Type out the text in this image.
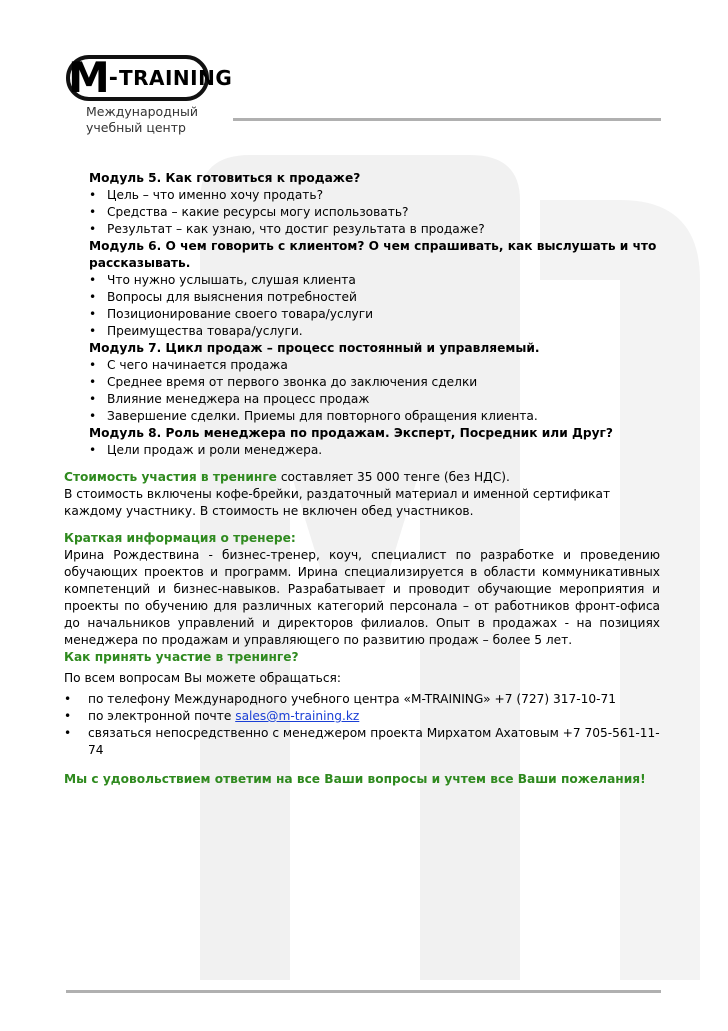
M - TRAINING
Международный
учебный центр
Модуль 5. Как готовиться к продаже?
• Цель – что именно хочу продать?
• Средства – какие ресурсы могу использовать?
• Результат – как узнаю, что достиг результата в продаже?
Модуль 6. О чем говорить с клиентом? О чем спрашивать, как выслушать и что рассказывать.
• Что нужно услышать, слушая клиента
• Вопросы для выяснения потребностей
• Позиционирование своего товара/услуги
• Преимущества товара/услуги.
Модуль 7. Цикл продаж – процесс постоянный и управляемый.
• С чего начинается продажа
• Среднее время от первого звонка до заключения сделки
• Влияние менеджера на процесс продаж
• Завершение сделки. Приемы для повторного обращения клиента.
Модуль 8. Роль менеджера по продажам. Эксперт, Посредник или Друг?
• Цели продаж и роли менеджера.
Стоимость участия в тренинге составляет 35 000 тенге (без НДС).
В стоимость включены кофе-брейки, раздаточный материал и именной сертификат каждому участнику. В стоимость не включен обед участников.
Краткая информация о тренере:
Ирина Рождествина - бизнес-тренер, коуч, специалист по разработке и проведению обучающих проектов и программ. Ирина специализируется в области коммуникативных компетенций и бизнес-навыков. Разрабатывает и проводит обучающие мероприятия и проекты по обучению для различных категорий персонала – от работников фронт-офиса до начальников управлений и директоров филиалов. Опыт в продажах - на позициях менеджера по продажам и управляющего по развитию продаж – более 5 лет.
Как принять участие в тренинге?
По всем вопросам Вы можете обращаться:
• по телефону Международного учебного центра «M-TRAINING» +7 (727) 317-10-71
• по электронной почте sales@m-training.kz
• связаться непосредственно с менеджером проекта Мирхатом Ахатовым +7 705-561-11-74
Мы с удовольствием ответим на все Ваши вопросы и учтем все Ваши пожелания!
